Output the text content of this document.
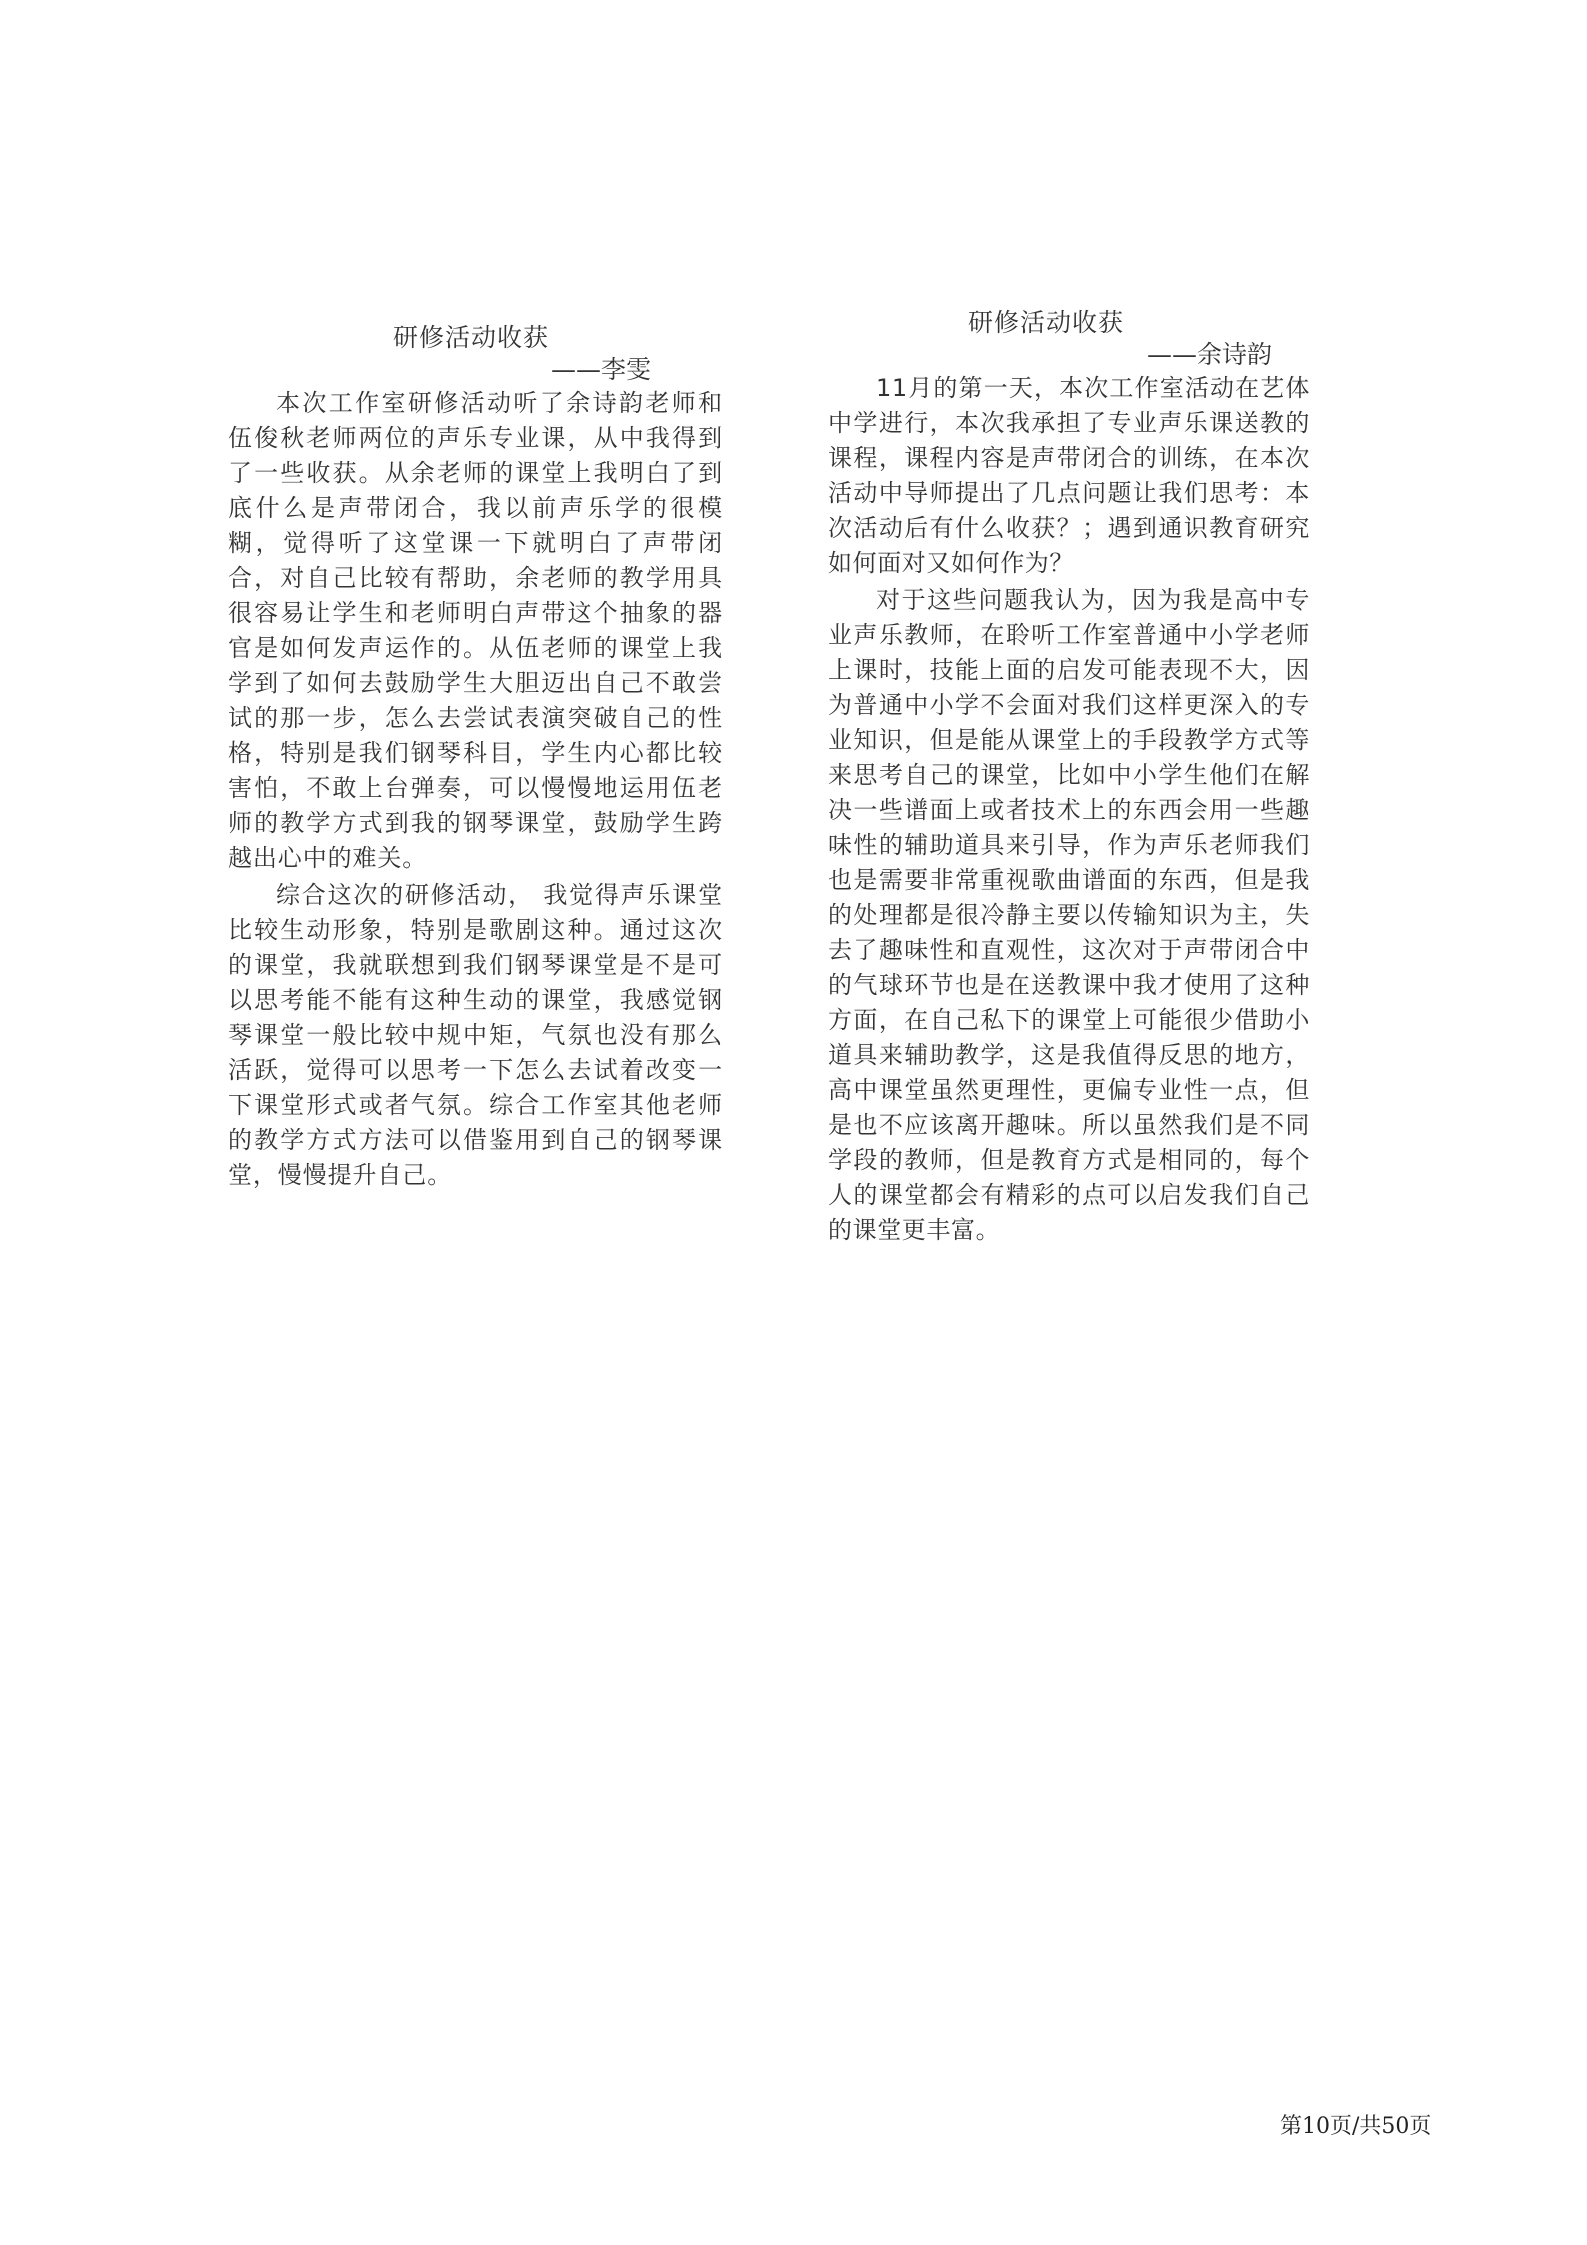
研修活动收获
——李雯

本次工作室研修活动听了余诗韵老师和伍俊秋老师两位的声乐专业课，从中我得到了一些收获。从余老师的课堂上我明白了到底什么是声带闭合，我以前声乐学的很模糊，觉得听了这堂课一下就明白了声带闭合，对自己比较有帮助，余老师的教学用具很容易让学生和老师明白声带这个抽象的器官是如何发声运作的。从伍老师的课堂上我学到了如何去鼓励学生大胆迈出自己不敢尝试的那一步，怎么去尝试表演突破自己的性格，特别是我们钢琴科目，学生内心都比较害怕，不敢上台弹奏，可以慢慢地运用伍老师的教学方式到我的钢琴课堂，鼓励学生跨越出心中的难关。

综合这次的研修活动， 我觉得声乐课堂比较生动形象，特别是歌剧这种。通过这次的课堂，我就联想到我们钢琴课堂是不是可以思考能不能有这种生动的课堂，我感觉钢琴课堂一般比较中规中矩，气氛也没有那么活跃，觉得可以思考一下怎么去试着改变一下课堂形式或者气氛。综合工作室其他老师的教学方式方法可以借鉴用到自己的钢琴课堂，慢慢提升自己。

研修活动收获
——余诗韵

11月的第一天，本次工作室活动在艺体中学进行，本次我承担了专业声乐课送教的课程，课程内容是声带闭合的训练，在本次活动中导师提出了几点问题让我们思考：本次活动后有什么收获？；遇到通识教育研究如何面对又如何作为？

对于这些问题我认为，因为我是高中专业声乐教师，在聆听工作室普通中小学老师上课时，技能上面的启发可能表现不大，因为普通中小学不会面对我们这样更深入的专业知识，但是能从课堂上的手段教学方式等来思考自己的课堂，比如中小学生他们在解决一些谱面上或者技术上的东西会用一些趣味性的辅助道具来引导，作为声乐老师我们也是需要非常重视歌曲谱面的东西，但是我的处理都是很冷静主要以传输知识为主，失去了趣味性和直观性，这次对于声带闭合中的气球环节也是在送教课中我才使用了这种方面，在自己私下的课堂上可能很少借助小道具来辅助教学，这是我值得反思的地方，高中课堂虽然更理性，更偏专业性一点，但是也不应该离开趣味。所以虽然我们是不同学段的教师，但是教育方式是相同的，每个人的课堂都会有精彩的点可以启发我们自己的课堂更丰富。

第10页/共50页
